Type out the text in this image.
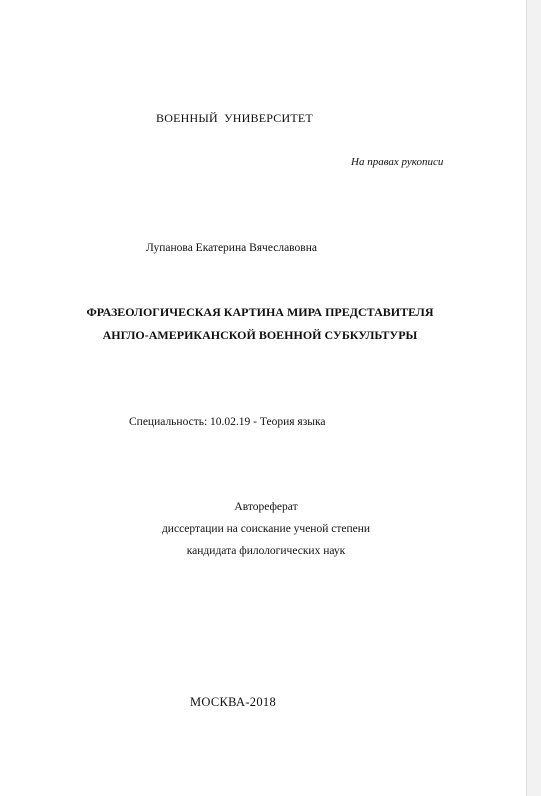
ВОЕННЫЙ УНИВЕРСИТЕТ
На правах рукописи
Лупанова Екатерина Вячеславовна
ФРАЗЕОЛОГИЧЕСКАЯ КАРТИНА МИРА ПРЕДСТАВИТЕЛЯ
АНГЛО-АМЕРИКАНСКОЙ ВОЕННОЙ СУБКУЛЬТУРЫ
Специальность: 10.02.19 - Теория языка
Автореферат
диссертации на соискание ученой степени
кандидата филологических наук
МОСКВА-2018
